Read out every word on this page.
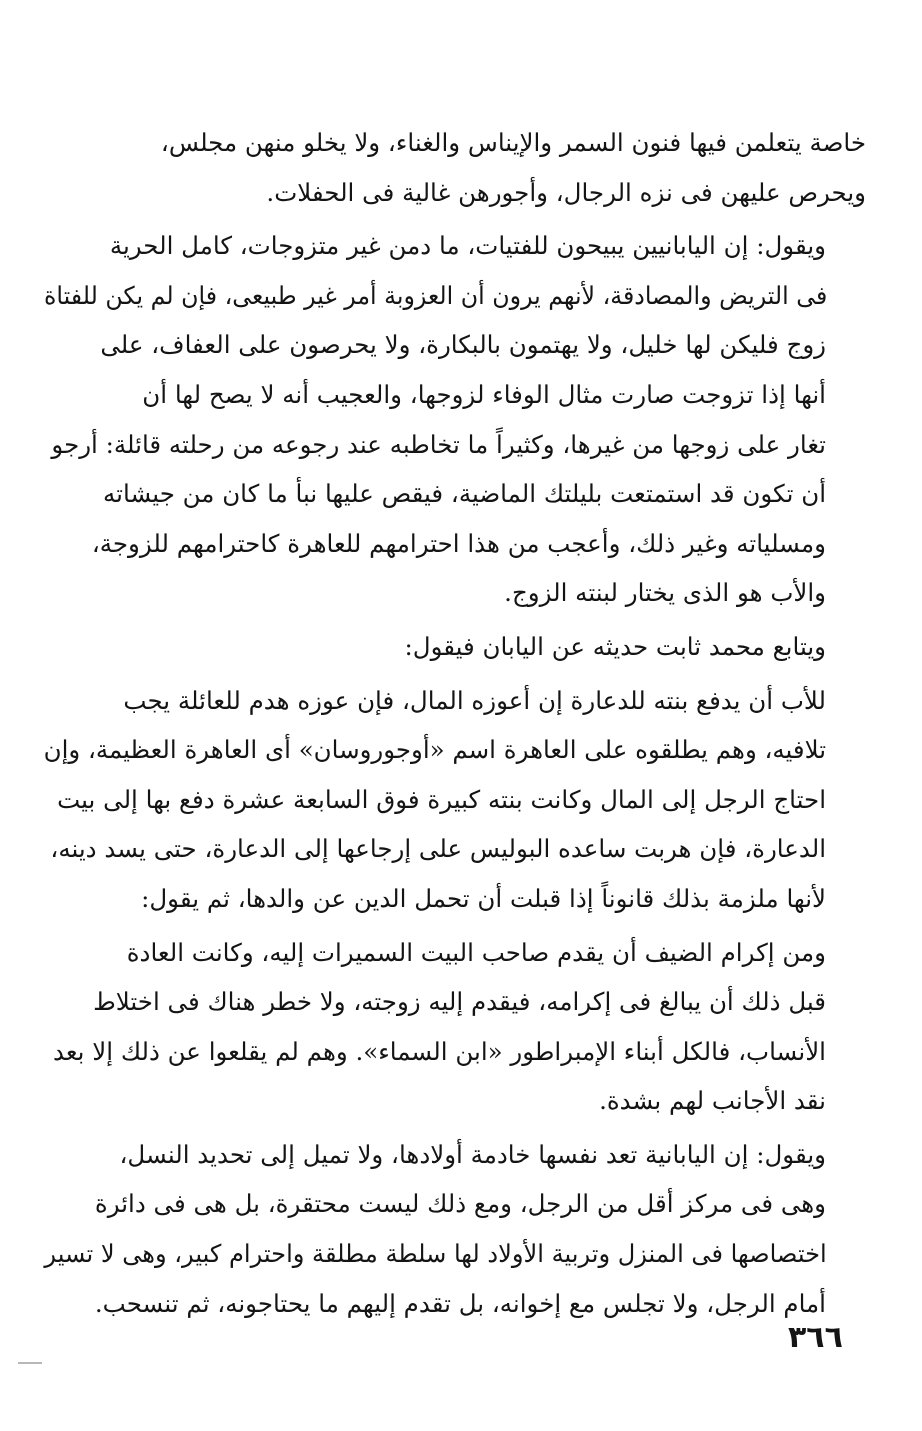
خاصة يتعلمن فيها فنون السمر والإيناس والغناء، ولا يخلو منهن مجلس،
ويحرص عليهن فى نزه الرجال، وأجورهن غالية فى الحفلات.

ويقول: إن اليابانيين يبيحون للفتيات، ما دمن غير متزوجات، كامل الحرية
فى التريض والمصادقة، لأنهم يرون أن العزوبة أمر غير طبيعى، فإن لم يكن للفتاة
زوج فليكن لها خليل، ولا يهتمون بالبكارة، ولا يحرصون على العفاف، على
أنها إذا تزوجت صارت مثال الوفاء لزوجها، والعجيب أنه لا يصح لها أن
تغار على زوجها من غيرها، وكثيراً ما تخاطبه عند رجوعه من رحلته قائلة: أرجو
أن تكون قد استمتعت بليلتك الماضية، فيقص عليها نبأ ما كان من جيشاته
ومسلياته وغير ذلك، وأعجب من هذا احترامهم للعاهرة كاحترامهم للزوجة،
والأب هو الذى يختار لبنته الزوج.

ويتابع محمد ثابت حديثه عن اليابان فيقول:

للأب أن يدفع بنته للدعارة إن أعوزه المال، فإن عوزه هدم للعائلة يجب
تلافيه، وهم يطلقوه على العاهرة اسم «أوجوروسان» أى العاهرة العظيمة، وإن
احتاج الرجل إلى المال وكانت بنته كبيرة فوق السابعة عشرة دفع بها إلى بيت
الدعارة، فإن هربت ساعده البوليس على إرجاعها إلى الدعارة، حتى يسد دينه،
لأنها ملزمة بذلك قانوناً إذا قبلت أن تحمل الدين عن والدها، ثم يقول:

ومن إكرام الضيف أن يقدم صاحب البيت السميرات إليه، وكانت العادة
قبل ذلك أن يبالغ فى إكرامه، فيقدم إليه زوجته، ولا خطر هناك فى اختلاط
الأنساب، فالكل أبناء الإمبراطور «ابن السماء». وهم لم يقلعوا عن ذلك إلا بعد
نقد الأجانب لهم بشدة.

ويقول: إن اليابانية تعد نفسها خادمة أولادها، ولا تميل إلى تحديد النسل،
وهى فى مركز أقل من الرجل، ومع ذلك ليست محتقرة، بل هى فى دائرة
اختصاصها فى المنزل وتربية الأولاد لها سلطة مطلقة واحترام كبير، وهى لا تسير
أمام الرجل، ولا تجلس مع إخوانه، بل تقدم إليهم ما يحتاجونه، ثم تنسحب.

٣٦٦
